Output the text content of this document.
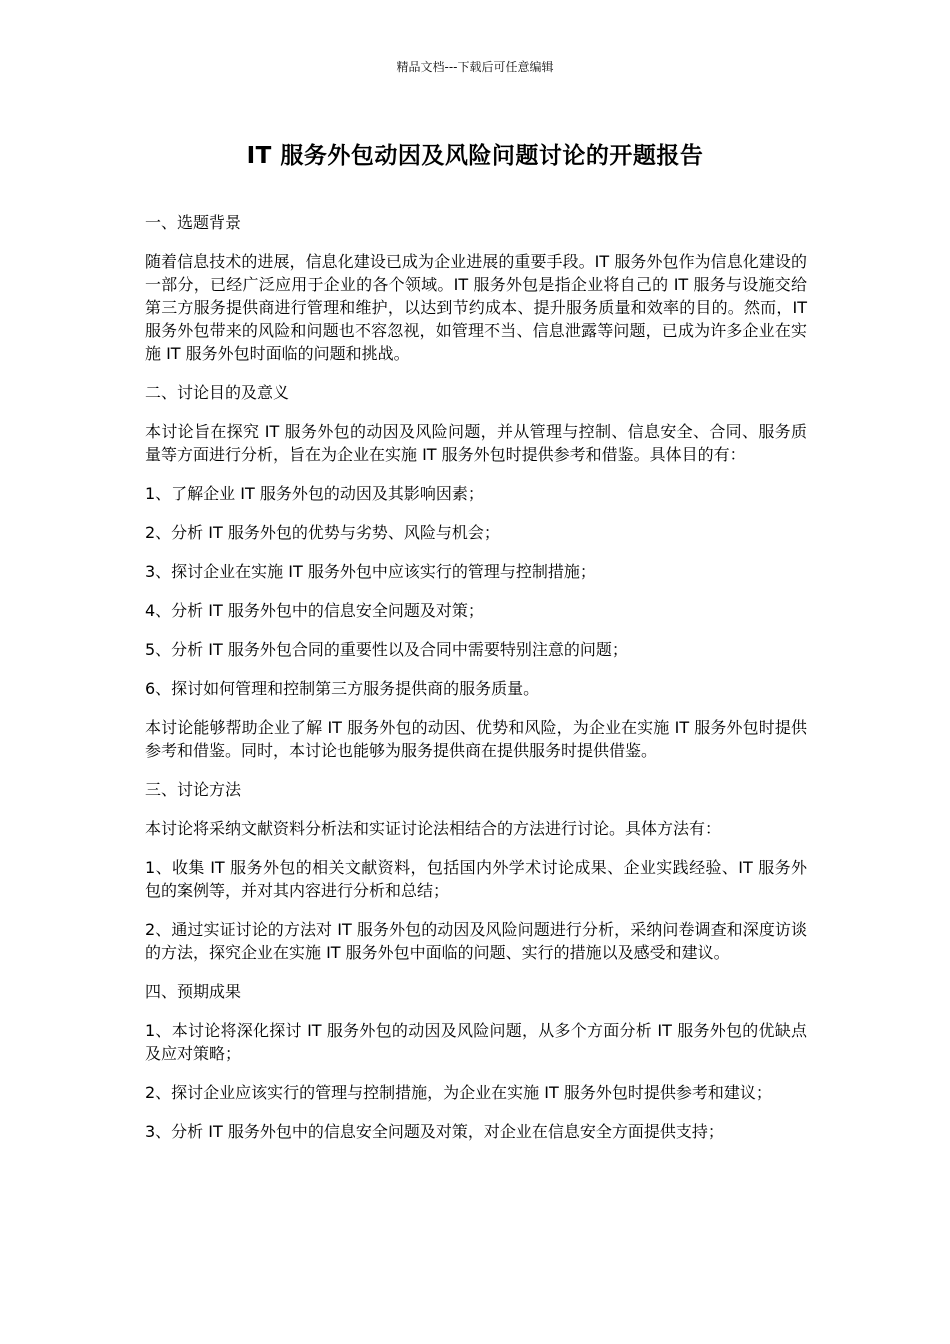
精品文档---下载后可任意编辑
IT 服务外包动因及风险问题讨论的开题报告

一、选题背景

随着信息技术的进展，信息化建设已成为企业进展的重要手段。IT 服务外包作为信息化建设的一部分，已经广泛应用于企业的各个领域。IT 服务外包是指企业将自己的 IT 服务与设施交给第三方服务提供商进行管理和维护，以达到节约成本、提升服务质量和效率的目的。然而，IT 服务外包带来的风险和问题也不容忽视，如管理不当、信息泄露等问题，已成为许多企业在实施 IT 服务外包时面临的问题和挑战。

二、讨论目的及意义

本讨论旨在探究 IT 服务外包的动因及风险问题，并从管理与控制、信息安全、合同、服务质量等方面进行分析，旨在为企业在实施 IT 服务外包时提供参考和借鉴。具体目的有：

1、了解企业 IT 服务外包的动因及其影响因素；

2、分析 IT 服务外包的优势与劣势、风险与机会；

3、探讨企业在实施 IT 服务外包中应该实行的管理与控制措施；

4、分析 IT 服务外包中的信息安全问题及对策；

5、分析 IT 服务外包合同的重要性以及合同中需要特别注意的问题；

6、探讨如何管理和控制第三方服务提供商的服务质量。

本讨论能够帮助企业了解 IT 服务外包的动因、优势和风险，为企业在实施 IT 服务外包时提供参考和借鉴。同时，本讨论也能够为服务提供商在提供服务时提供借鉴。

三、讨论方法

本讨论将采纳文献资料分析法和实证讨论法相结合的方法进行讨论。具体方法有：

1、收集 IT 服务外包的相关文献资料，包括国内外学术讨论成果、企业实践经验、IT 服务外包的案例等，并对其内容进行分析和总结；

2、通过实证讨论的方法对 IT 服务外包的动因及风险问题进行分析，采纳问卷调查和深度访谈的方法，探究企业在实施 IT 服务外包中面临的问题、实行的措施以及感受和建议。

四、预期成果

1、本讨论将深化探讨 IT 服务外包的动因及风险问题，从多个方面分析 IT 服务外包的优缺点及应对策略；

2、探讨企业应该实行的管理与控制措施，为企业在实施 IT 服务外包时提供参考和建议；

3、分析 IT 服务外包中的信息安全问题及对策，对企业在信息安全方面提供支持；
